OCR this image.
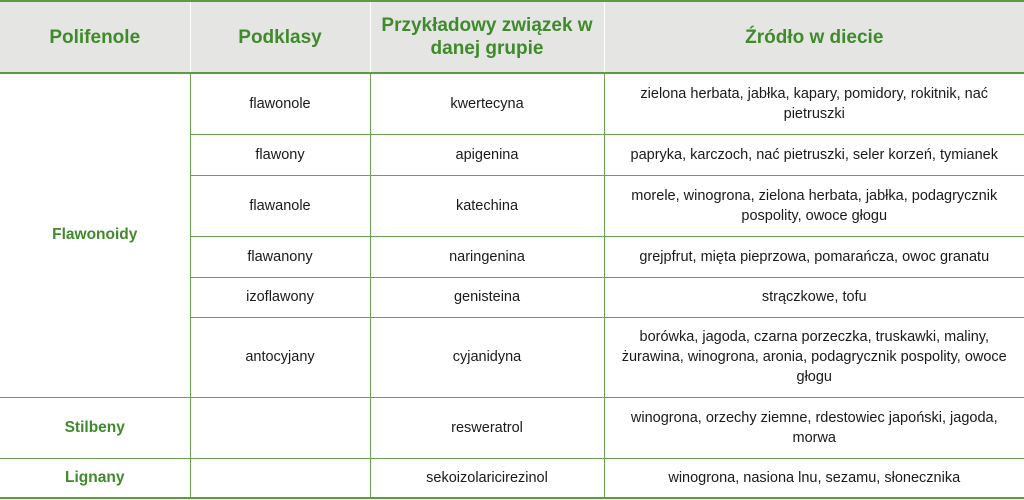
Polifenole	Podklasy	Przykładowy związek w danej grupie	Źródło w diecie
Flawonoidy	flawonole	kwertecyna	zielona herbata, jabłka, kapary, pomidory, rokitnik, nać pietruszki
	flawony	apigenina	papryka, karczoch, nać pietruszki, seler korzeń, tymianek
	flawanole	katechina	morele, winogrona, zielona herbata, jabłka, podagrycznik pospolity, owoce głogu
	flawanony	naringenina	grejpfrut, mięta pieprzowa, pomarańcza, owoc granatu
	izoflawony	genisteina	strączkowe, tofu
	antocyjany	cyjanidyna	borówka, jagoda, czarna porzeczka, truskawki, maliny, żurawina, winogrona, aronia, podagrycznik pospolity, owoce głogu
Stilbeny		resweratrol	winogrona, orzechy ziemne, rdestowiec japoński, jagoda, morwa
Lignany		sekoizolaricirezinol	winogrona, nasiona lnu, sezamu, słonecznika
